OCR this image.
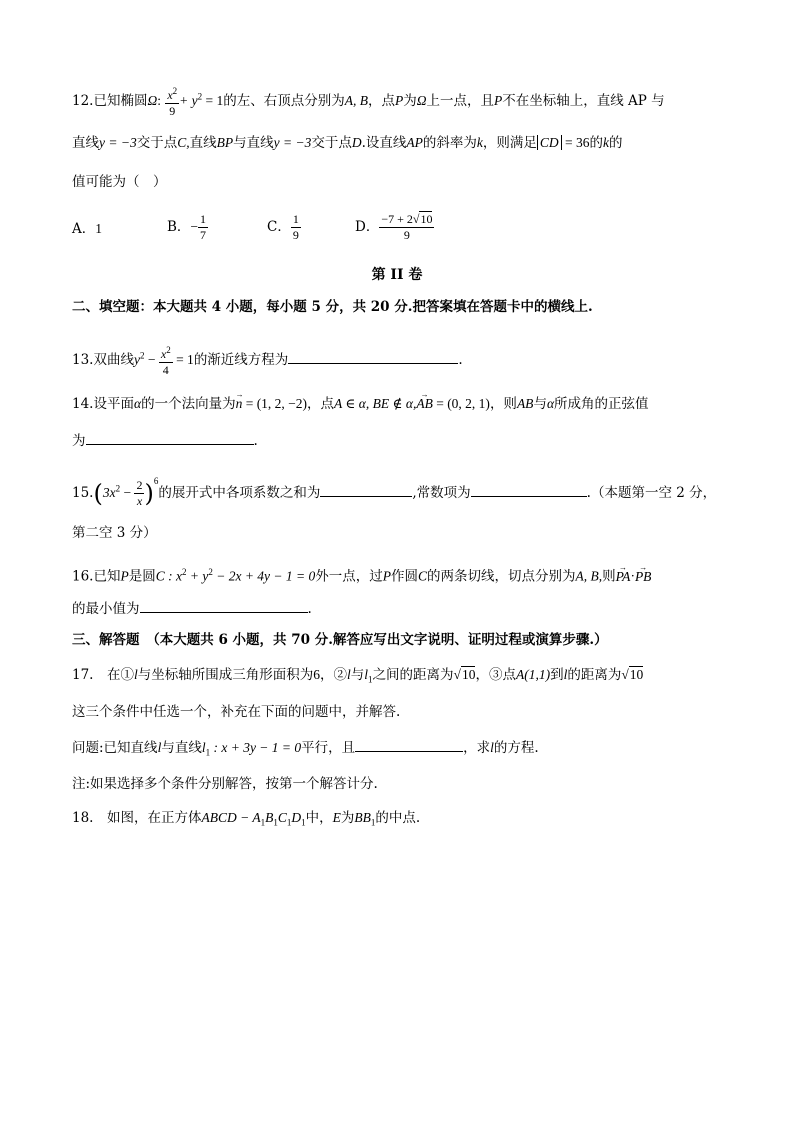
12.已知椭圆Ω: $\frac{x^2}{9} + y^2 = 1$的左、右顶点分别为A, B，点P为Ω上一点，且P不在坐标轴上，直线 AP 与
直线y = −3交于点C,直线BP与直线y = −3交于点D.设直线AP的斜率为k，则满足 CD = 36的k的
值可能为（　）
A．1	B．− $\frac{1}{7}$	C． $\frac{1}{9}$	D． $\frac{-7 + 2√10}{9}$
第 II 卷
二、填空题：本大题共 4 小题，每小题 5 分，共 20 分.把答案填在答题卡中的横线上.
13.双曲线$y^2 - \frac{x^2}{4} = 1$的渐近线方程为	.
14.设平面α的一个法向量为→ n = (1, 2, −2)，点A ∈ α, BE ∉ α,→ AB = (0, 2, 1)，则AB与α所成角的正弦值
为	.
$15.(3x^2 - \frac{2}{x} )^6$的展开式中各项系数之和为	,常数项为	.（本题第一空 2 分，
第二空 3 分）
16.已知P是圆C : $x^2 + y^2 - 2x + 4y - 1 = 0$外一点，过P作圆C的两条切线，切点分别为A, B,则→ PA·→ PB
的最小值为	.
三、解答题　（本大题共 6 小题，共 70 分.解答应写出文字说明、证明过程或演算步骤.）
17.　在①l与坐标轴所围成三角形面积为6，②l与$l_1$之间的距离为√10，③点A(1,1)到l的距离为√10
这三个条件中任选一个，补充在下面的问题中，并解答.
问题:已知直线l与直线$l_1$ : x + 3y − 1 = 0平行，且	，求l的方程.
注:如果选择多个条件分别解答，按第一个解答计分.
18.　如图，在正方体ABCD − $A_1B_1C_1D_1$中，E为$BB_1$的中点.
